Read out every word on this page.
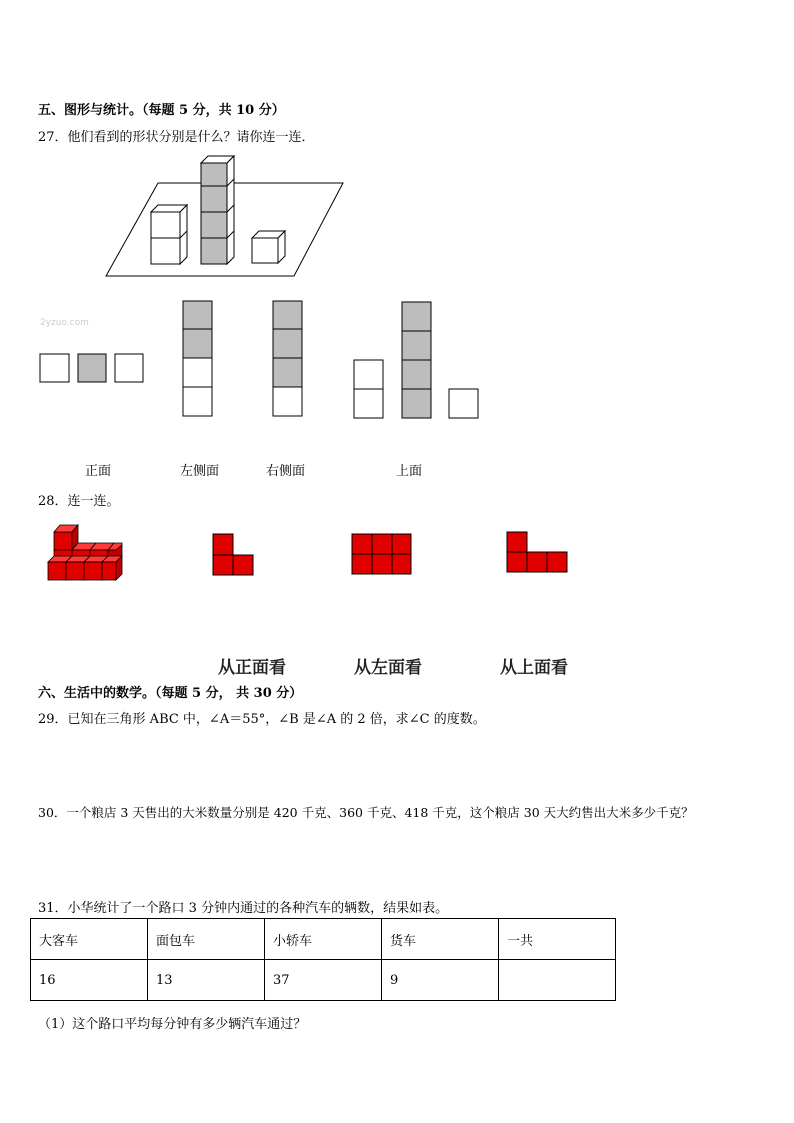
五、图形与统计。（每题 5 分，共 10 分）
27．他们看到的形状分别是什么？请你连一连．
2yzuo.com
正面	左侧面	右侧面	上面
28．连一连。
从正面看	从左面看	从上面看
六、生活中的数学。（每题 5 分， 共 30 分）
29．已知在三角形 ABC 中，∠A＝55°，∠B 是∠A 的 2 倍，求∠C 的度数。
30．一个粮店 3 天售出的大米数量分别是 420 千克、360 千克、418 千克，这个粮店 30 天大约售出大米多少千克？
31．小华统计了一个路口 3 分钟内通过的各种汽车的辆数，结果如表。
大客车	面包车	小轿车	货车	一共
16	13	37	9	
（1）这个路口平均每分钟有多少辆汽车通过？
